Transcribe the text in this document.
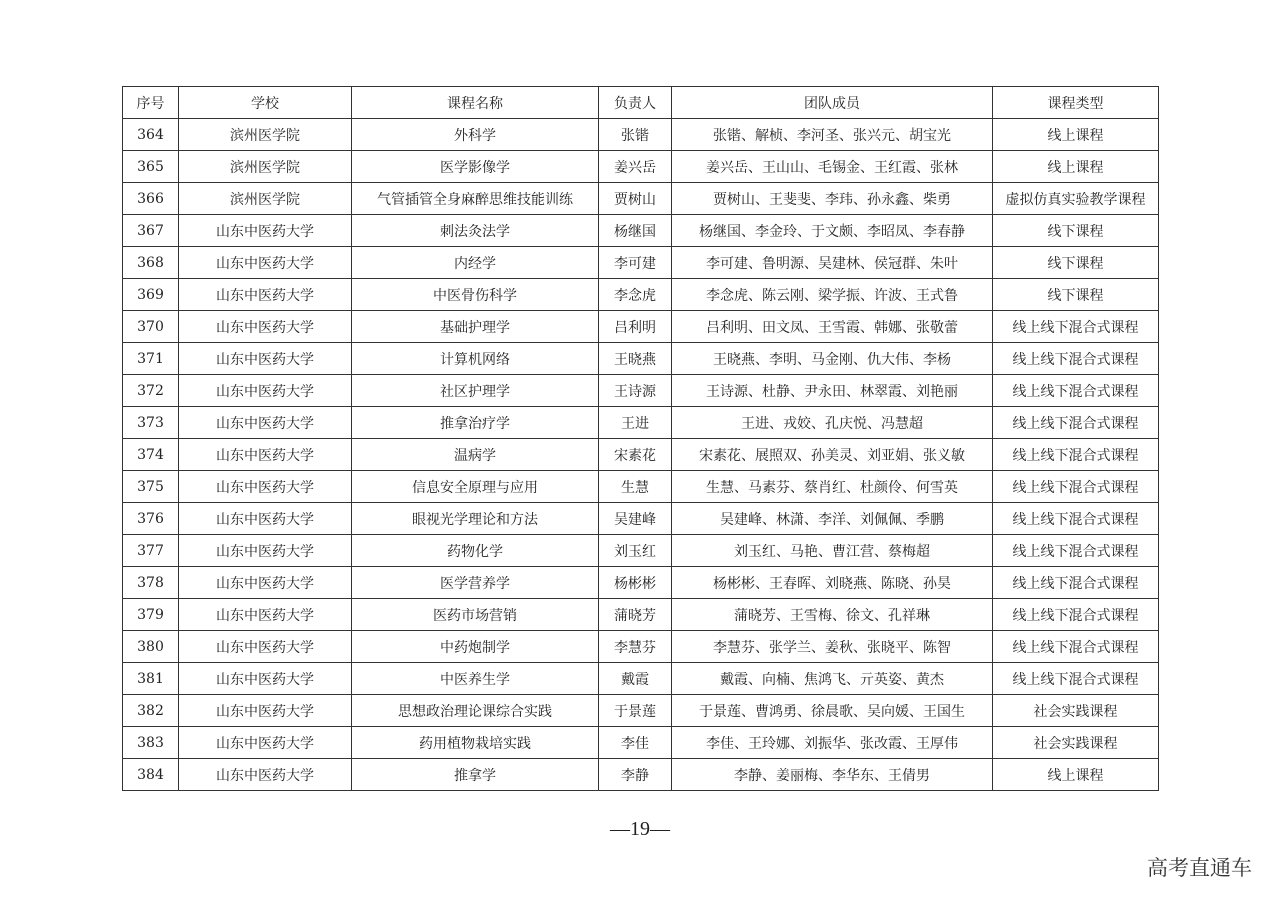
序号	学校	课程名称	负责人	团队成员	课程类型
364	滨州医学院	外科学	张锴	张锴、解桢、李河圣、张兴元、胡宝光	线上课程
365	滨州医学院	医学影像学	姜兴岳	姜兴岳、王山山、毛锡金、王红霞、张林	线上课程
366	滨州医学院	气管插管全身麻醉思维技能训练	贾树山	贾树山、王斐斐、李玮、孙永鑫、柴勇	虚拟仿真实验教学课程
367	山东中医药大学	刺法灸法学	杨继国	杨继国、李金玲、于文颇、李昭凤、李春静	线下课程
368	山东中医药大学	内经学	李可建	李可建、鲁明源、吴建林、侯冠群、朱叶	线下课程
369	山东中医药大学	中医骨伤科学	李念虎	李念虎、陈云刚、梁学振、许波、王式鲁	线下课程
370	山东中医药大学	基础护理学	吕利明	吕利明、田文凤、王雪霞、韩娜、张敬蕾	线上线下混合式课程
371	山东中医药大学	计算机网络	王晓燕	王晓燕、李明、马金刚、仇大伟、李杨	线上线下混合式课程
372	山东中医药大学	社区护理学	王诗源	王诗源、杜静、尹永田、林翠霞、刘艳丽	线上线下混合式课程
373	山东中医药大学	推拿治疗学	王进	王进、戎姣、孔庆悦、冯慧超	线上线下混合式课程
374	山东中医药大学	温病学	宋素花	宋素花、展照双、孙美灵、刘亚娟、张义敏	线上线下混合式课程
375	山东中医药大学	信息安全原理与应用	生慧	生慧、马素芬、蔡肖红、杜颜伶、何雪英	线上线下混合式课程
376	山东中医药大学	眼视光学理论和方法	吴建峰	吴建峰、林潇、李洋、刘佩佩、季鹏	线上线下混合式课程
377	山东中医药大学	药物化学	刘玉红	刘玉红、马艳、曹江营、蔡梅超	线上线下混合式课程
378	山东中医药大学	医学营养学	杨彬彬	杨彬彬、王春晖、刘晓燕、陈晓、孙昊	线上线下混合式课程
379	山东中医药大学	医药市场营销	蒲晓芳	蒲晓芳、王雪梅、徐文、孔祥琳	线上线下混合式课程
380	山东中医药大学	中药炮制学	李慧芬	李慧芬、张学兰、姜秋、张晓平、陈智	线上线下混合式课程
381	山东中医药大学	中医养生学	戴霞	戴霞、向楠、焦鸿飞、亓英姿、黄杰	线上线下混合式课程
382	山东中医药大学	思想政治理论课综合实践	于景莲	于景莲、曹鸿勇、徐晨歌、吴向媛、王国生	社会实践课程
383	山东中医药大学	药用植物栽培实践	李佳	李佳、王玲娜、刘振华、张改霞、王厚伟	社会实践课程
384	山东中医药大学	推拿学	李静	李静、姜丽梅、李华东、王倩男	线上课程
—19—
高考直通车
